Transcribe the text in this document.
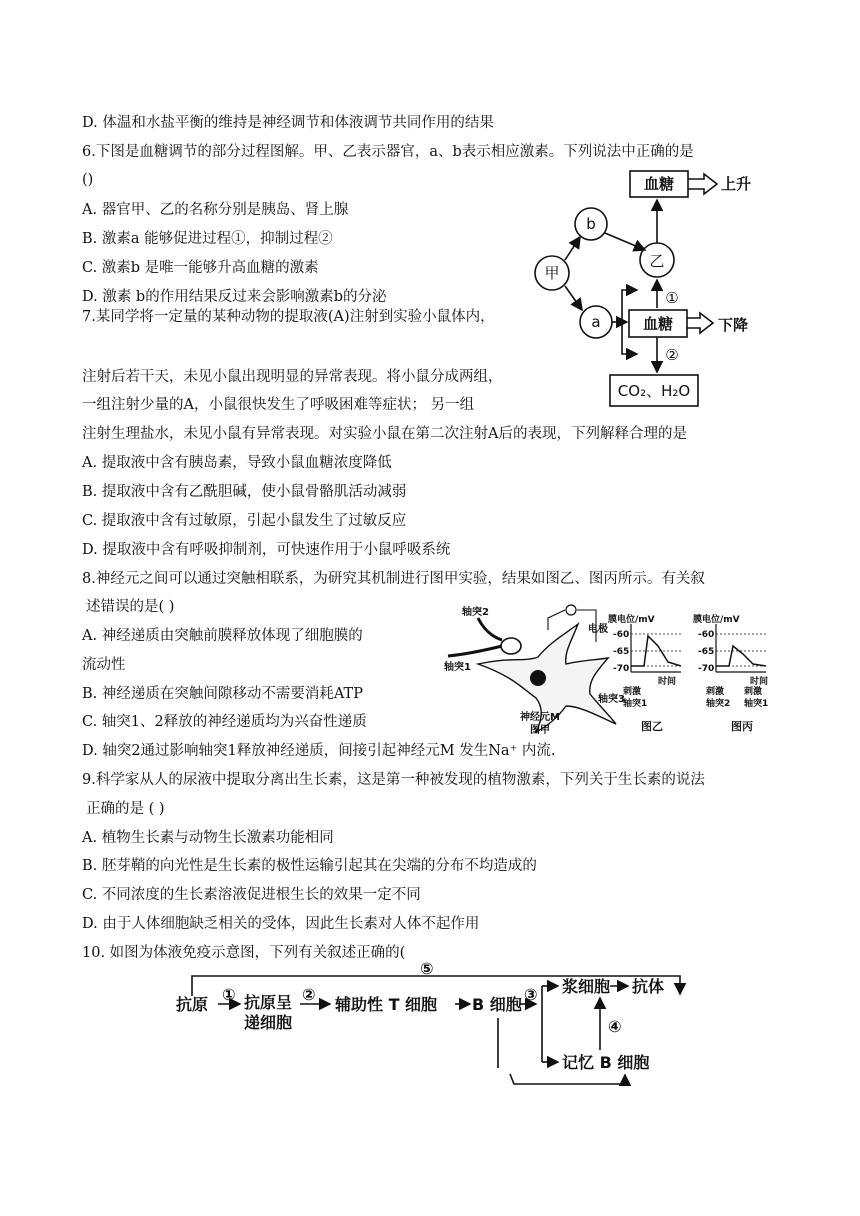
D. 体温和水盐平衡的维持是神经调节和体液调节共同作用的结果
6.下图是血糖调节的部分过程图解。甲、乙表示器官，a、b表示相应激素。下列说法中正确的是
()
A. 器官甲、乙的名称分别是胰岛、肾上腺
B. 激素a 能够促进过程①，抑制过程②
C. 激素b 是唯一能够升高血糖的激素
D. 激素 b的作用结果反过来会影响激素b的分泌
7.某同学将一定量的某种动物的提取液(A)注射到实验小鼠体内，
注射后若干天，未见小鼠出现明显的异常表现。将小鼠分成两组，
一组注射少量的A，小鼠很快发生了呼吸困难等症状； 另一组
注射生理盐水，未见小鼠有异常表现。对实验小鼠在第二次注射A后的表现，下列解释合理的是
A. 提取液中含有胰岛素，导致小鼠血糖浓度降低
B. 提取液中含有乙酰胆碱，使小鼠骨骼肌活动减弱
C. 提取液中含有过敏原，引起小鼠发生了过敏反应
D. 提取液中含有呼吸抑制剂，可快速作用于小鼠呼吸系统
8.神经元之间可以通过突触相联系，为研究其机制进行图甲实验，结果如图乙、图丙所示。有关叙
述错误的是( )
A. 神经递质由突触前膜释放体现了细胞膜的
流动性
B. 神经递质在突触间隙移动不需要消耗ATP
C. 轴突1、2释放的神经递质均为兴奋性递质
D. 轴突2通过影响轴突1释放神经递质，间接引起神经元M 发生Na⁺ 内流.
9.科学家从人的尿液中提取分离出生长素，这是第一种被发现的植物激素，下列关于生长素的说法
正确的是 ( )
A. 植物生长素与动物生长激素功能相同
B. 胚芽鞘的向光性是生长素的极性运输引起其在尖端的分布不均造成的
C. 不同浓度的生长素溶液促进根生长的效果一定不同
D. 由于人体细胞缺乏相关的受体，因此生长素对人体不起作用
10. 如图为体液免疫示意图，下列有关叙述正确的(
血糖	上升
b
甲
乙
a	血糖	下降
①
②
CO₂、H₂O
轴突2
电极
轴突1
轴突3
神经元M
图甲
膜电位/mV
-60
-65
-70
时间
刺激
轴突1
图乙
膜电位/mV
-60
-65
-70
时间
刺激
轴突2
刺激
轴突1
图丙
⑤
抗原
① 抗原呈
递细胞
②
辅助性 T 细胞 B 细胞
③ 浆细胞 抗体
④
记忆 B 细胞
